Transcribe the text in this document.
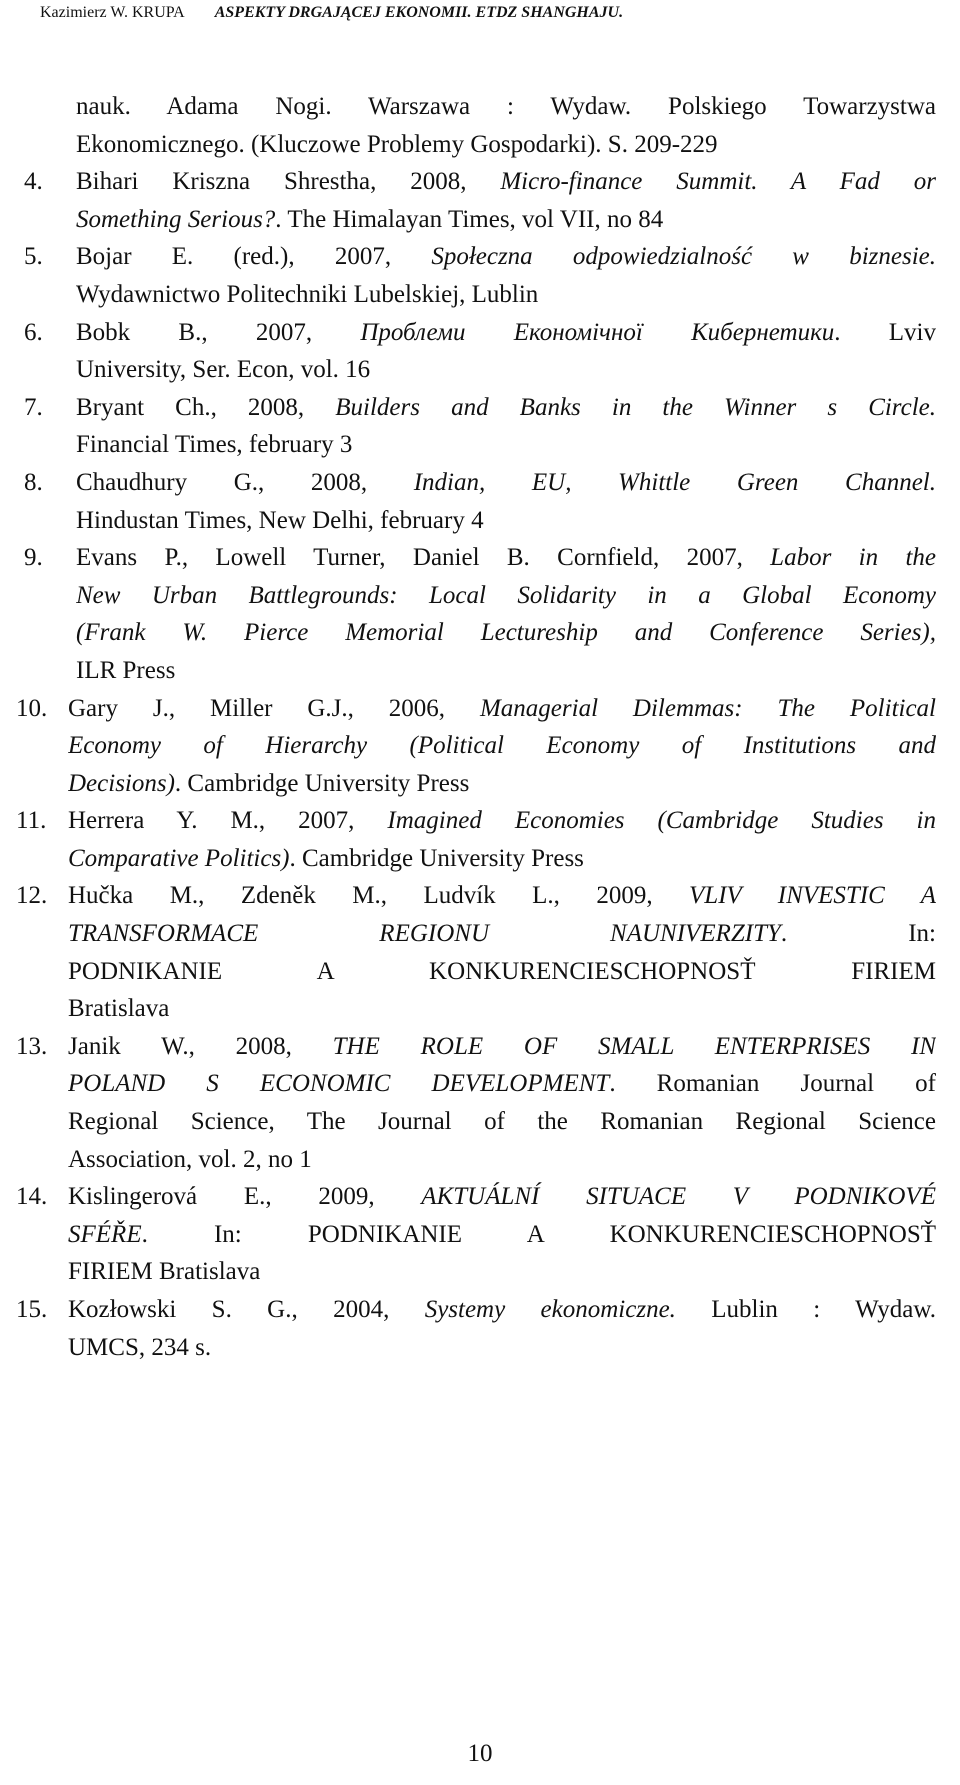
Kazimierz W. KRUPA ASPEKTY DRGAJĄCEJ EKONOMII. ETDZ SHANGHAJU.
nauk. Adama Nogi. Warszawa : Wydaw. Polskiego Towarzystwa
Ekonomicznego. (Kluczowe Problemy Gospodarki). S. 209-229
4.	Bihari Kriszna Shrestha, 2008, Micro-finance Summit. A Fad or
Something Serious?. The Himalayan Times, vol VII, no 84
5.	Bojar E. (red.), 2007, Społeczna odpowiedzialność w biznesie.
Wydawnictwo Politechniki Lubelskiej, Lublin
6.	Bobk B., 2007, Проблеми Економічної Кибернетики. Lviv
University, Ser. Econ, vol. 16
7.	Bryant Ch., 2008, Builders and Banks in the Winner s Circle.
Financial Times, february 3
8.	Chaudhury G., 2008, Indian, EU, Whittle Green Channel.
Hindustan Times, New Delhi, february 4
9.	Evans P., Lowell Turner, Daniel B. Cornfield, 2007, Labor in the
New Urban Battlegrounds: Local Solidarity in a Global Economy
(Frank W. Pierce Memorial Lectureship and Conference Series),
ILR Press
10. Gary J., Miller G.J., 2006, Managerial Dilemmas: The Political
Economy of Hierarchy (Political Economy of Institutions and
Decisions). Cambridge University Press
11. Herrera Y. M., 2007, Imagined Economies (Cambridge Studies in
Comparative Politics). Cambridge University Press
12. Hučka M., Zdeněk M., Ludvík L., 2009, VLIV INVESTIC A
TRANSFORMACE REGIONU NAUNIVERZITY. In:
PODNIKANIE A KONKURENCIESCHOPNOSŤ FIRIEM
Bratislava
13. Janik W., 2008, THE ROLE OF SMALL ENTERPRISES IN
POLAND S ECONOMIC DEVELOPMENT. Romanian Journal of
Regional Science, The Journal of the Romanian Regional Science
Association, vol. 2, no 1
14. Kislingerová E., 2009, AKTUÁLNÍ SITUACE V PODNIKOVÉ
SFÉŘE. In: PODNIKANIE A KONKURENCIESCHOPNOSŤ
FIRIEM Bratislava
15. Kozłowski S. G., 2004, Systemy ekonomiczne. Lublin : Wydaw.
UMCS, 234 s.
10
